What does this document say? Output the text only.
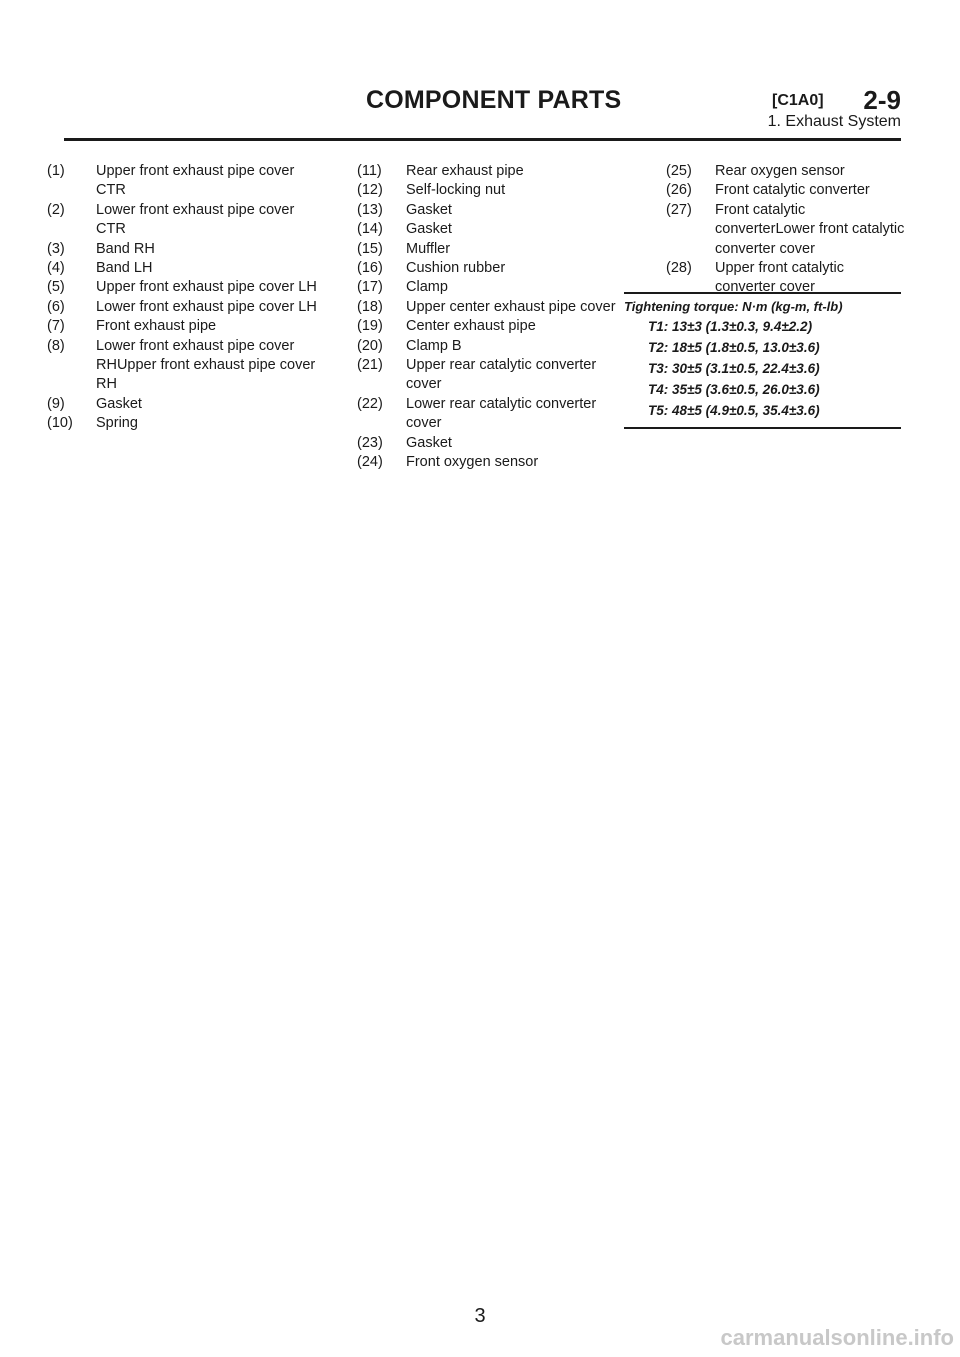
COMPONENT PARTS	[C1A0] 2-9
1. Exhaust System
(1) Upper front exhaust pipe cover CTR
(2) Lower front exhaust pipe cover CTR
(3) Band RH
(4) Band LH
(5) Upper front exhaust pipe cover LH
(6) Lower front exhaust pipe cover LH
(7) Front exhaust pipe
(8) Lower front exhaust pipe cover RHUpper front exhaust pipe cover RH
(9) Gasket
(10) Spring
(11) Rear exhaust pipe
(12) Self-locking nut
(13) Gasket
(14) Gasket
(15) Muffler
(16) Cushion rubber
(17) Clamp
(18) Upper center exhaust pipe cover
(19) Center exhaust pipe
(20) Clamp B
(21) Upper rear catalytic converter cover
(22) Lower rear catalytic converter cover
(23) Gasket
(24) Front oxygen sensor
(25) Rear oxygen sensor
(26) Front catalytic converter
(27) Front catalytic converterLower front catalytic converter cover
(28) Upper front catalytic converter cover
Tightening torque: N·m (kg-m, ft-lb)
T1: 13±3 (1.3±0.3, 9.4±2.2)
T2: 18±5 (1.8±0.5, 13.0±3.6)
T3: 30±5 (3.1±0.5, 22.4±3.6)
T4: 35±5 (3.6±0.5, 26.0±3.6)
T5: 48±5 (4.9±0.5, 35.4±3.6)
3
carmanualsonline.info
